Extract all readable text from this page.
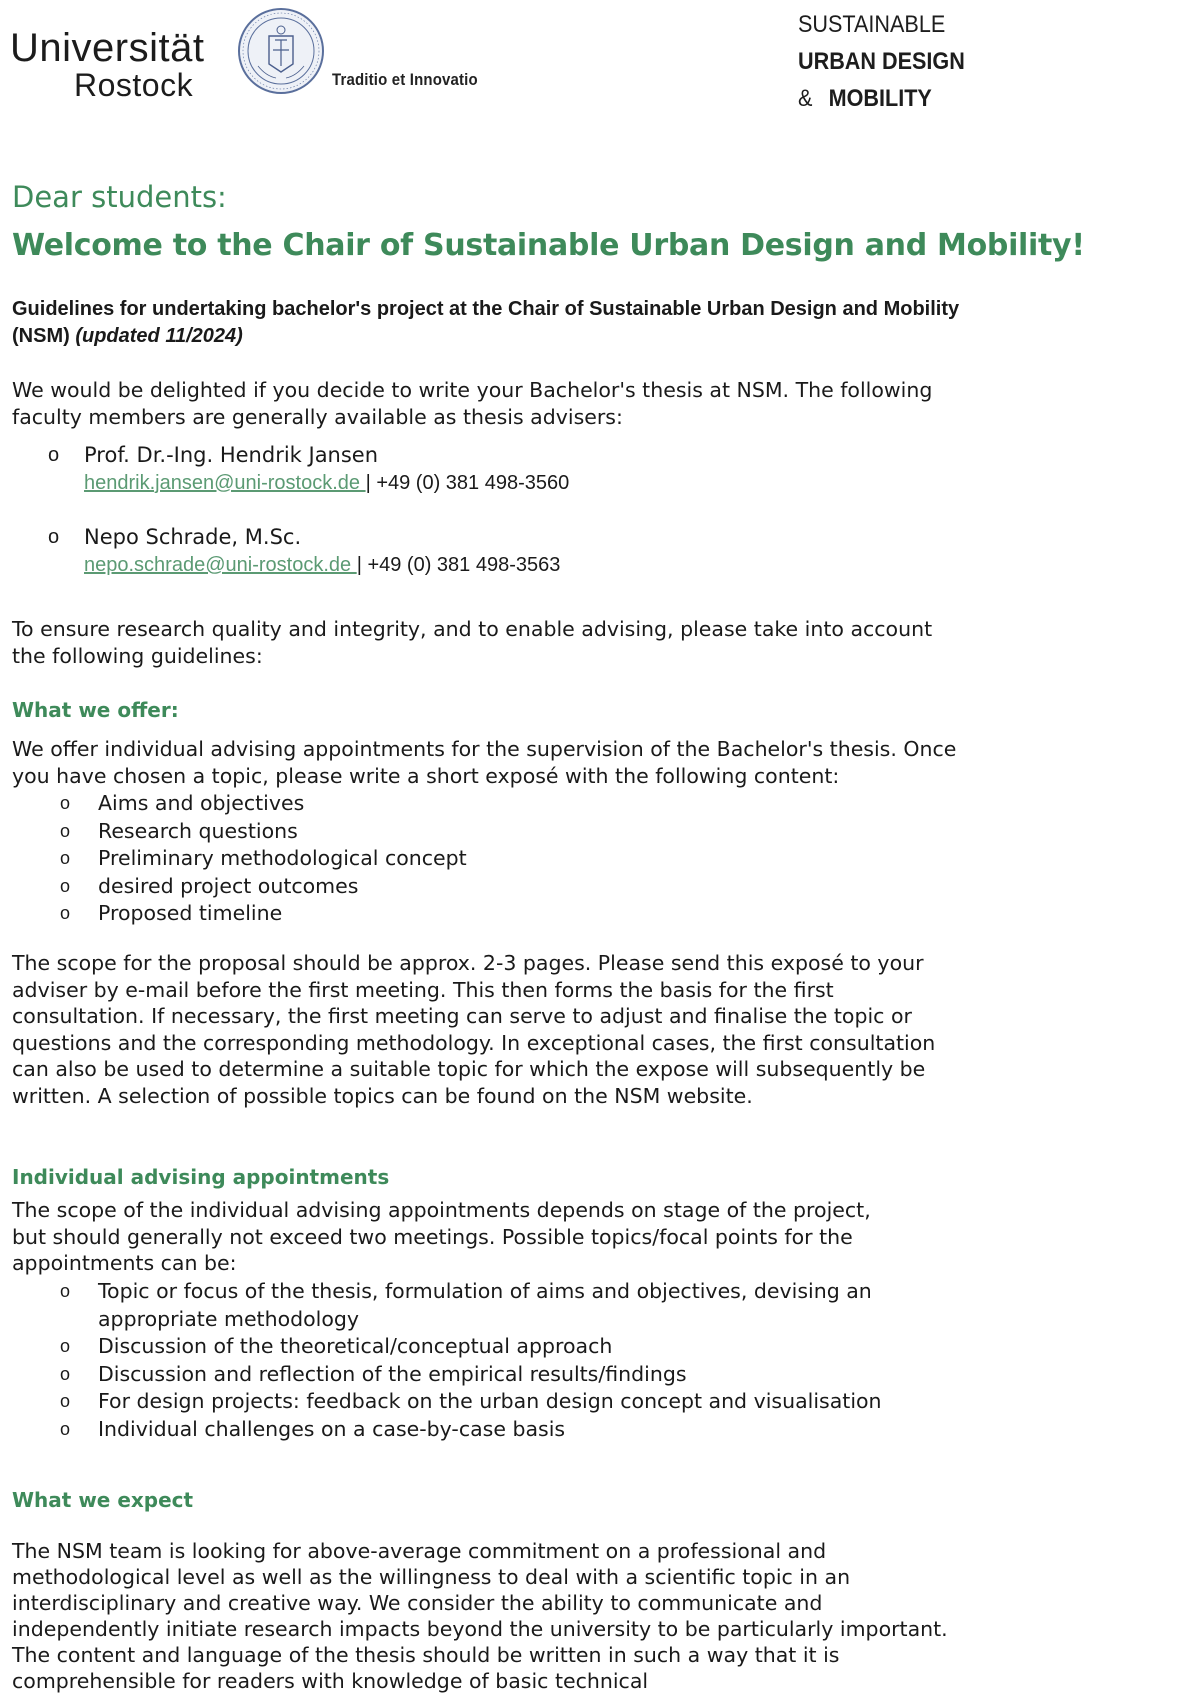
Universität
Rostock	Traditio et Innovatio
SUSTAINABLE
URBAN DESIGN
& MOBILITY
Dear students:
Welcome to the Chair of Sustainable Urban Design and Mobility!
Guidelines for undertaking bachelor's project at the Chair of Sustainable Urban Design and Mobility (NSM) (updated 11/2024)
We would be delighted if you decide to write your Bachelor's thesis at NSM. The following faculty members are generally available as thesis advisers:
o Prof. Dr.-Ing. Hendrik Jansen
hendrik.jansen@uni-rostock.de | +49 (0) 381 498-3560
o Nepo Schrade, M.Sc.
nepo.schrade@uni-rostock.de | +49 (0) 381 498-3563
To ensure research quality and integrity, and to enable advising, please take into account the following guidelines:
What we offer:
We offer individual advising appointments for the supervision of the Bachelor's thesis. Once you have chosen a topic, please write a short exposé with the following content:
o Aims and objectives
o Research questions
o Preliminary methodological concept
o desired project outcomes
o Proposed timeline
The scope for the proposal should be approx. 2-3 pages. Please send this exposé to your adviser by e-mail before the first meeting. This then forms the basis for the first consultation. If necessary, the first meeting can serve to adjust and finalise the topic or questions and the corresponding methodology. In exceptional cases, the first consultation can also be used to determine a suitable topic for which the expose will subsequently be written. A selection of possible topics can be found on the NSM website.
Individual advising appointments
The scope of the individual advising appointments depends on stage of the project, but should generally not exceed two meetings. Possible topics/focal points for the appointments can be:
o Topic or focus of the thesis, formulation of aims and objectives, devising an appropriate methodology
o Discussion of the theoretical/conceptual approach
o Discussion and reflection of the empirical results/findings
o For design projects: feedback on the urban design concept and visualisation
o Individual challenges on a case-by-case basis
What we expect
The NSM team is looking for above-average commitment on a professional and methodological level as well as the willingness to deal with a scientific topic in an interdisciplinary and creative way. We consider the ability to communicate and independently initiate research impacts beyond the university to be particularly important. The content and language of the thesis should be written in such a way that it is comprehensible for readers with knowledge of basic technical
